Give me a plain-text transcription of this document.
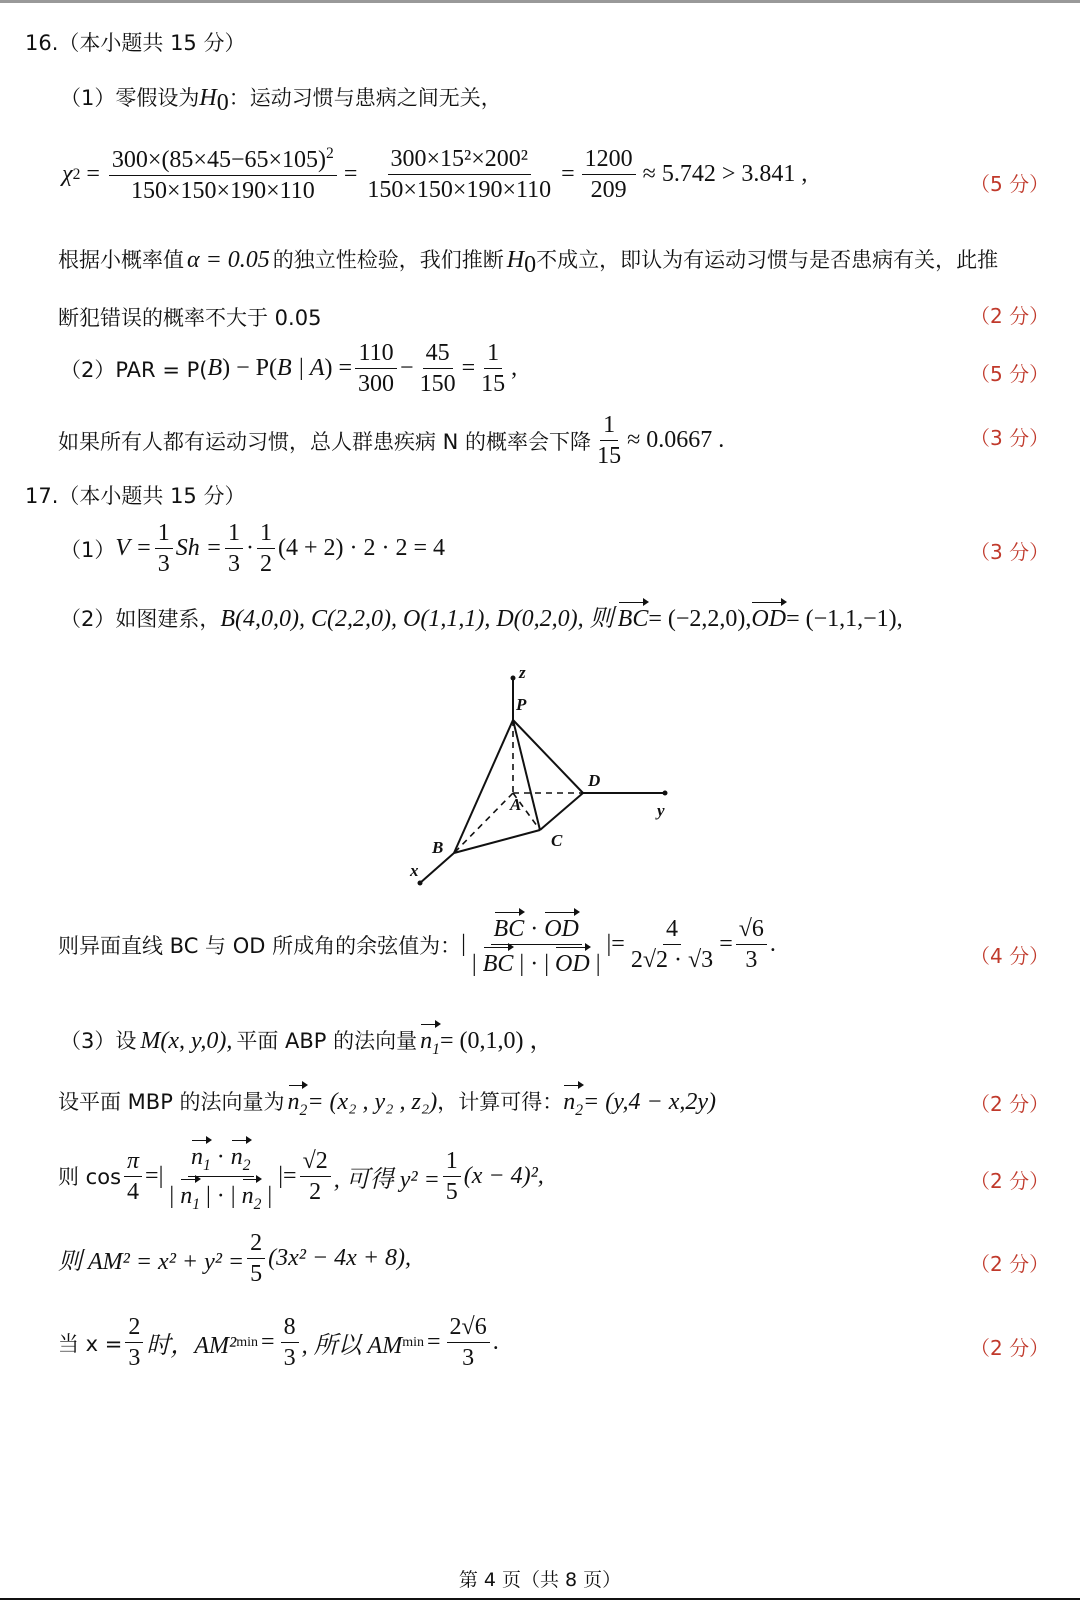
16.（本小题共 15 分）
（1）零假设为$H_0$：运动习惯与患病之间无关，
χ $2 = \frac{300\times(85\times 45-65\times 105)^2}{150\times 150\times 190\times 110} = \frac{\text{300×15²×200²}}{150\times 150\times 190\times 110} = \frac{1200}{209} \approx 5.742 > 3.841$ ,	（5 分）
根据小概率值 α = 0.05 的独立性检验，我们推断 $H_0$不成立，即认为有运动习惯与是否患病有关，此推
断犯错误的概率不大于 0.05	（2 分）
（2）PAR = P( B ) − P( B | A ) = $\frac{110}{300} - \frac{45}{150} = \frac{1}{15}$ ,	（5 分）
如果所有人都有运动习惯，总人群患疾病 N 的概率会下降 $\frac{1}{15} \approx 0.0667$ .	（3 分）
17.（本小题共 15 分）
（1） $V = \frac{1}{3}$ $Sh = \frac{1}{3} \cdot \frac{1}{2} (4 + 2) \cdot 2 \cdot 2 = 4$	（3 分）
（2）如图建系， B(4,0,0), C(2,2,0), O(1,1,1), D(0,2,0), 则 BC = (−2,2,0), OD = (−1,1,−1),
z
P
D
y
A
C
B
x
则异面直线 BC 与 OD 所成角的余弦值为： | $\frac{BC \cdot OD}{| BC | \cdot | OD |}$ |= $\frac{4}{2√2 \cdot √3} = \frac{√6}{3}$ .	（4 分）
（3）设 M(x, y,0), 平面 ABP 的法向量 $n_1 = (0,1,0)$ ，
设平面 MBP 的法向量为 $n_2 = (x_2$ , y₂ , z₂) ，计算可得： $n_2 = (y,4 - x,2y)$	（2 分）
则 $\cos \frac{\pi}{4}$ =| $\frac{n_1 \cdot n_2}{| n_1 | \cdot | n_2 |}$ |= $\frac{√2}{2}$ , 可得 $y^2 = \frac{1}{5} (x - 4)^2$,	（2 分）
则 $AM^2 = x^2 + y^2 = \frac{2}{5} (3x^2 - 4x + 8)$,	（2 分）
当 $x = \frac{2}{3}$ 时，AM² $\min = \frac{8}{3}$ , 所以 AM $\min = \frac{2√6}{3}$ .	（2 分）
第 4 页（共 8 页）
